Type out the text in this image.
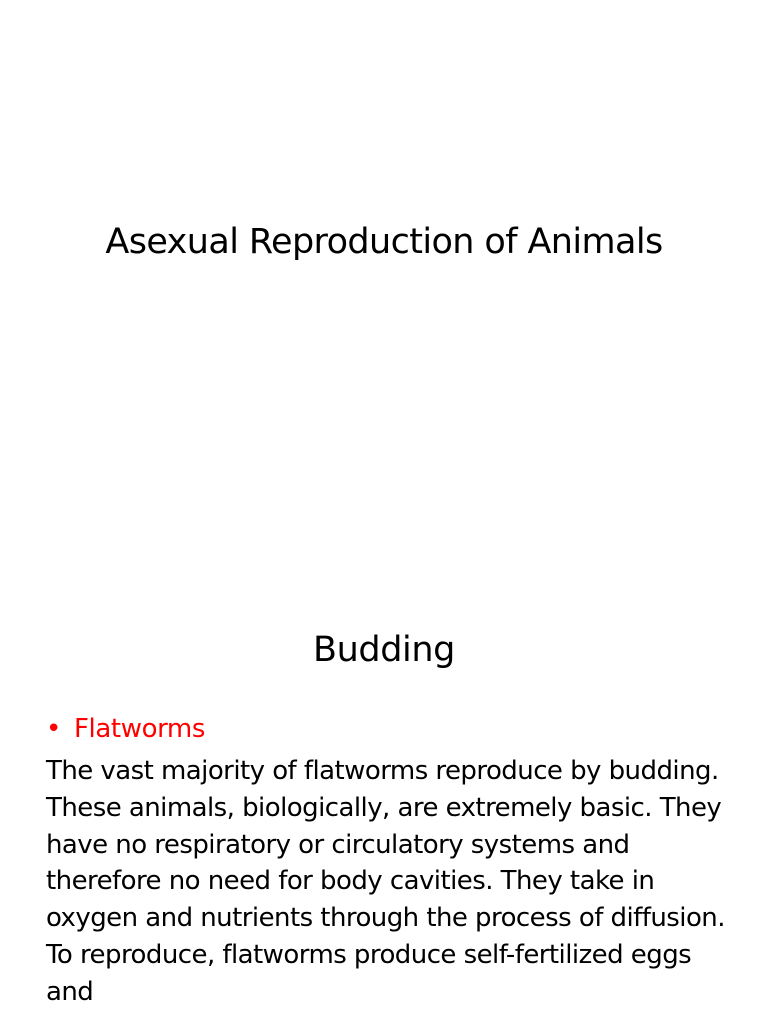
Asexual Reproduction of Animals
Budding
• Flatworms

The vast majority of flatworms reproduce by budding. These animals, biologically, are extremely basic. They have no respiratory or circulatory systems and therefore no need for body cavities. They take in oxygen and nutrients through the process of diffusion. To reproduce, flatworms produce self-fertilized eggs and
